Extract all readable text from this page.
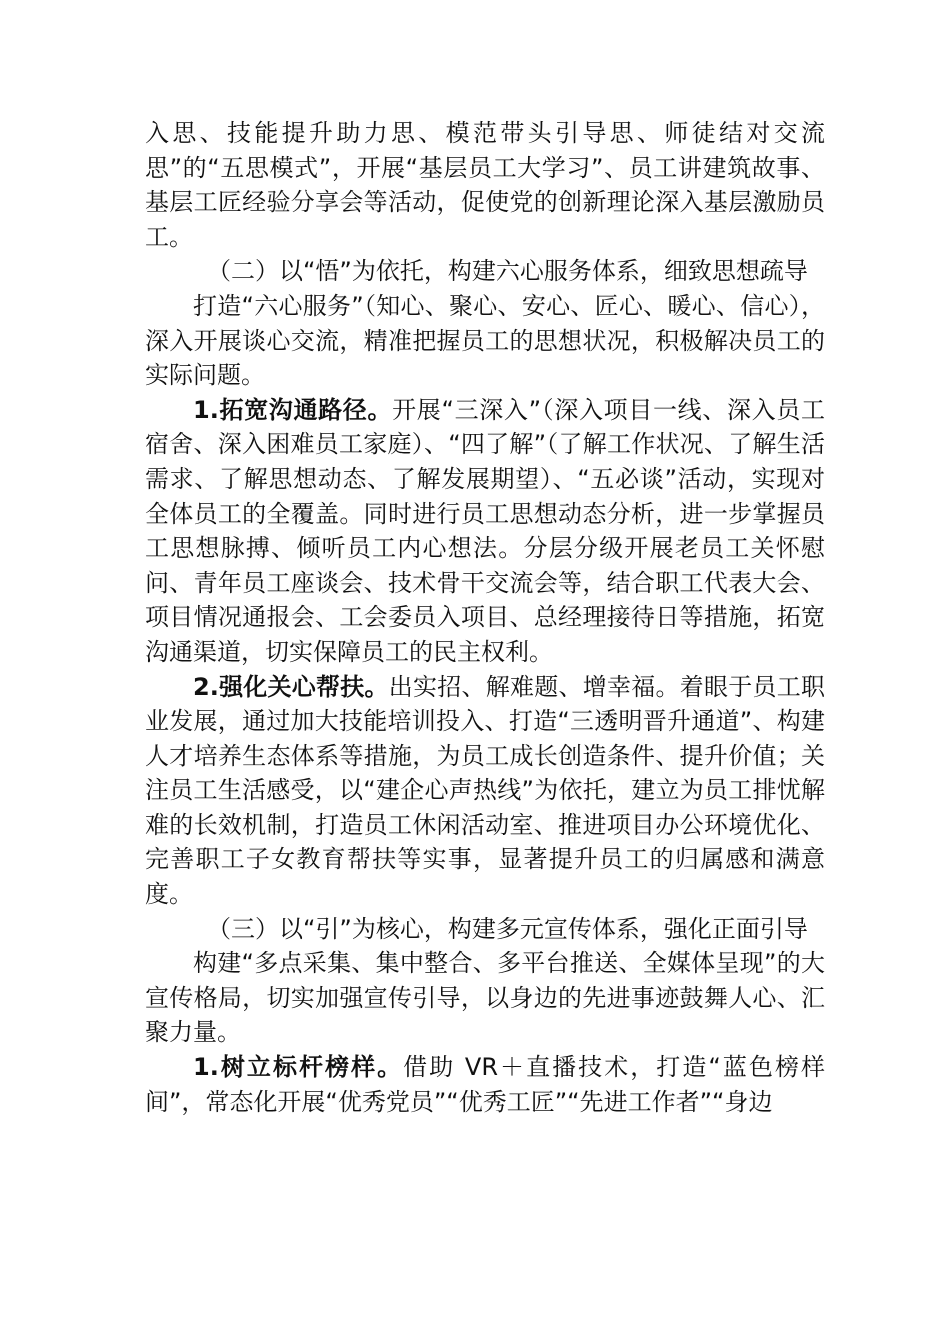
入思、技能提升助力思、模范带头引导思、师徒结对交流思”的“五思模式”，开展“基层员工大学习”、员工讲建筑故事、基层工匠经验分享会等活动，促使党的创新理论深入基层激励员工。

（二）以“悟”为依托，构建六心服务体系，细致思想疏导

打造“六心服务”（知心、聚心、安心、匠心、暖心、信心），深入开展谈心交流，精准把握员工的思想状况，积极解决员工的实际问题。

1.拓宽沟通路径。开展“三深入”（深入项目一线、深入员工宿舍、深入困难员工家庭）、“四了解”（了解工作状况、了解生活需求、了解思想动态、了解发展期望）、“五必谈”活动，实现对全体员工的全覆盖。同时进行员工思想动态分析，进一步掌握员工思想脉搏、倾听员工内心想法。分层分级开展老员工关怀慰问、青年员工座谈会、技术骨干交流会等，结合职工代表大会、项目情况通报会、工会委员入项目、总经理接待日等措施，拓宽沟通渠道，切实保障员工的民主权利。

2.强化关心帮扶。出实招、解难题、增幸福。着眼于员工职业发展，通过加大技能培训投入、打造“三透明晋升通道”、构建人才培养生态体系等措施，为员工成长创造条件、提升价值；关注员工生活感受，以“建企心声热线”为依托，建立为员工排忧解难的长效机制，打造员工休闲活动室、推进项目办公环境优化、完善职工子女教育帮扶等实事，显著提升员工的归属感和满意度。

（三）以“引”为核心，构建多元宣传体系，强化正面引导

构建“多点采集、集中整合、多平台推送、全媒体呈现”的大宣传格局，切实加强宣传引导，以身边的先进事迹鼓舞人心、汇聚力量。

1.树立标杆榜样。借助 VR＋直播技术，打造“蓝色榜样间”，常态化开展“优秀党员”“优秀工匠”“先进工作者”“身边
